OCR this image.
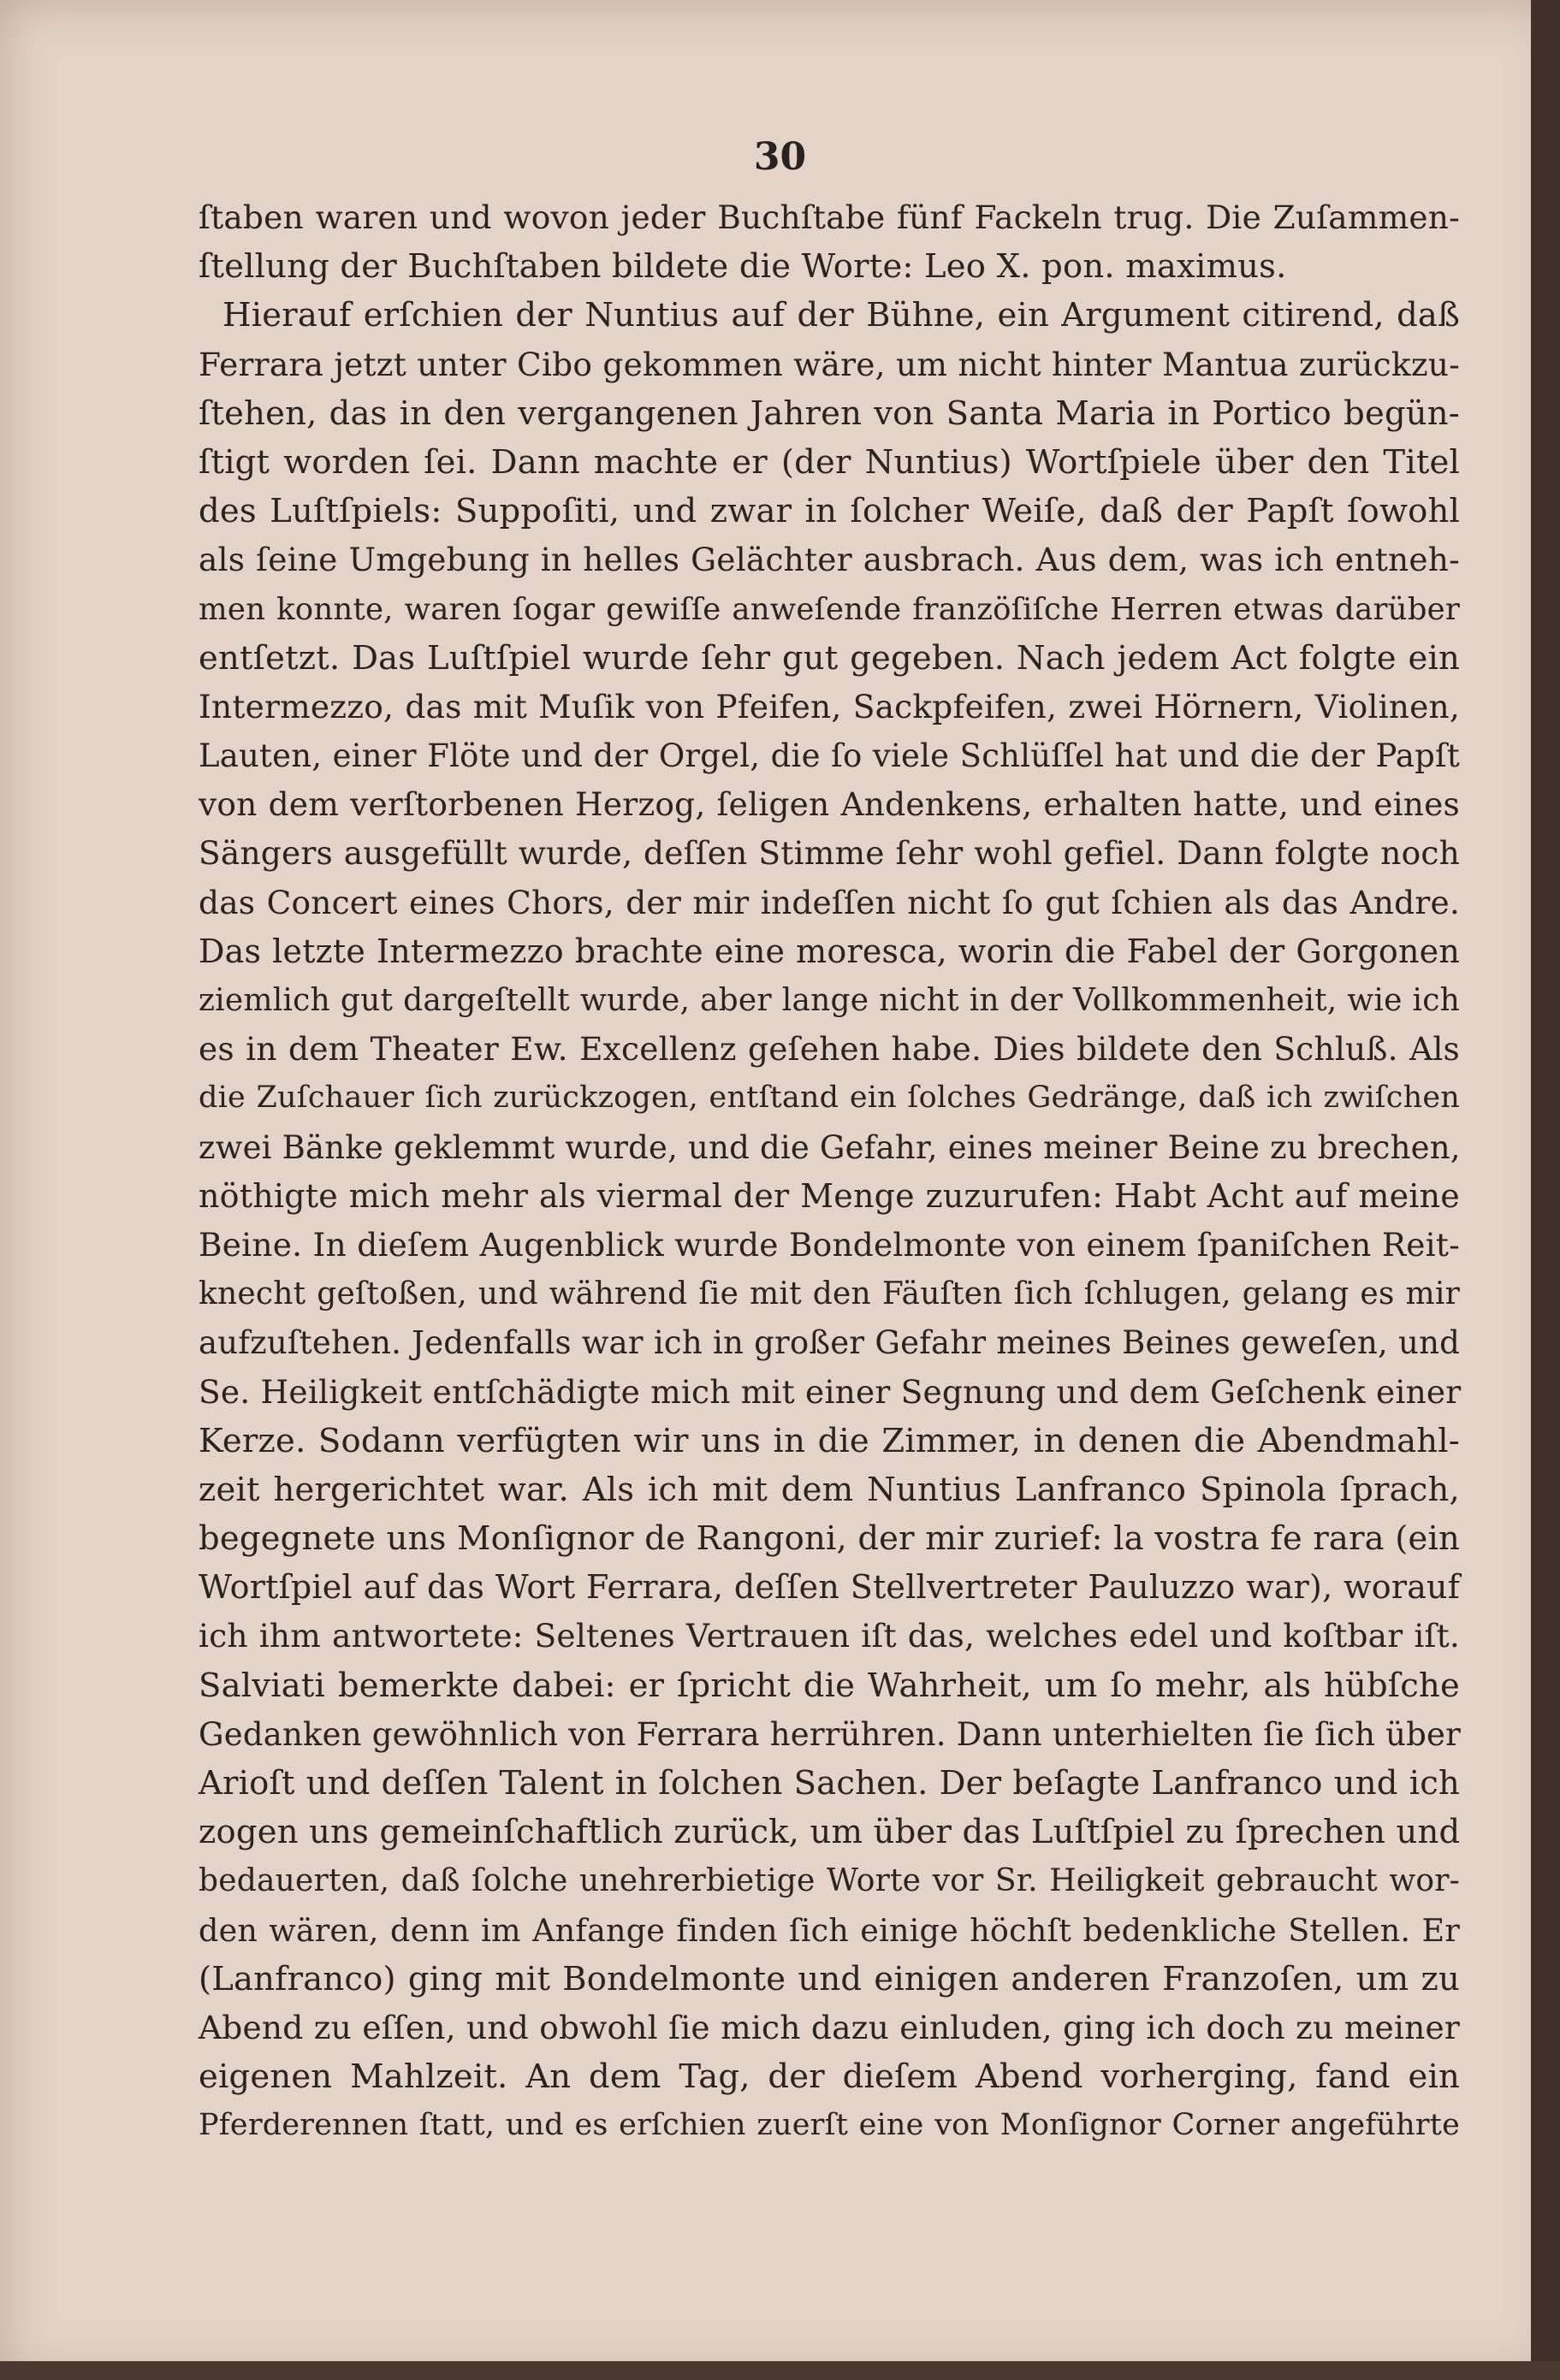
30
ſtaben waren und wovon jeder Buchſtabe fünf Fackeln trug. Die Zuſammen-
ſtellung der Buchſtaben bildete die Worte: Leo X. pon. maximus.
Hierauf erſchien der Nuntius auf der Bühne, ein Argument citirend, daß
Ferrara jetzt unter Cibo gekommen wäre, um nicht hinter Mantua zurückzu-
ſtehen, das in den vergangenen Jahren von Santa Maria in Portico begün-
ſtigt worden ſei. Dann machte er (der Nuntius) Wortſpiele über den Titel
des Luſtſpiels: Suppoſiti, und zwar in ſolcher Weiſe, daß der Papſt ſowohl
als ſeine Umgebung in helles Gelächter ausbrach. Aus dem, was ich entneh-
men konnte, waren ſogar gewiſſe anweſende franzöſiſche Herren etwas darüber
entſetzt. Das Luſtſpiel wurde ſehr gut gegeben. Nach jedem Act folgte ein
Intermezzo, das mit Muſik von Pfeifen, Sackpfeifen, zwei Hörnern, Violinen,
Lauten, einer Flöte und der Orgel, die ſo viele Schlüſſel hat und die der Papſt
von dem verſtorbenen Herzog, ſeligen Andenkens, erhalten hatte, und eines
Sängers ausgefüllt wurde, deſſen Stimme ſehr wohl gefiel. Dann folgte noch
das Concert eines Chors, der mir indeſſen nicht ſo gut ſchien als das Andre.
Das letzte Intermezzo brachte eine moresca, worin die Fabel der Gorgonen
ziemlich gut dargeſtellt wurde, aber lange nicht in der Vollkommenheit, wie ich
es in dem Theater Ew. Excellenz geſehen habe. Dies bildete den Schluß. Als
die Zuſchauer ſich zurückzogen, entſtand ein ſolches Gedränge, daß ich zwiſchen
zwei Bänke geklemmt wurde, und die Gefahr, eines meiner Beine zu brechen,
nöthigte mich mehr als viermal der Menge zuzurufen: Habt Acht auf meine
Beine. In dieſem Augenblick wurde Bondelmonte von einem ſpaniſchen Reit-
knecht geſtoßen, und während ſie mit den Fäuſten ſich ſchlugen, gelang es mir
aufzuſtehen. Jedenfalls war ich in großer Gefahr meines Beines geweſen, und
Se. Heiligkeit entſchädigte mich mit einer Segnung und dem Geſchenk einer
Kerze. Sodann verfügten wir uns in die Zimmer, in denen die Abendmahl-
zeit hergerichtet war. Als ich mit dem Nuntius Lanfranco Spinola ſprach,
begegnete uns Monſignor de Rangoni, der mir zurief: la vostra fe rara (ein
Wortſpiel auf das Wort Ferrara, deſſen Stellvertreter Pauluzzo war), worauf
ich ihm antwortete: Seltenes Vertrauen iſt das, welches edel und koſtbar iſt.
Salviati bemerkte dabei: er ſpricht die Wahrheit, um ſo mehr, als hübſche
Gedanken gewöhnlich von Ferrara herrühren. Dann unterhielten ſie ſich über
Arioſt und deſſen Talent in ſolchen Sachen. Der beſagte Lanfranco und ich
zogen uns gemeinſchaftlich zurück, um über das Luſtſpiel zu ſprechen und
bedauerten, daß ſolche unehrerbietige Worte vor Sr. Heiligkeit gebraucht wor-
den wären, denn im Anfange finden ſich einige höchſt bedenkliche Stellen. Er
(Lanfranco) ging mit Bondelmonte und einigen anderen Franzoſen, um zu
Abend zu eſſen, und obwohl ſie mich dazu einluden, ging ich doch zu meiner
eigenen Mahlzeit. An dem Tag, der dieſem Abend vorherging, fand ein
Pferderennen ſtatt, und es erſchien zuerſt eine von Monſignor Corner angeführte
